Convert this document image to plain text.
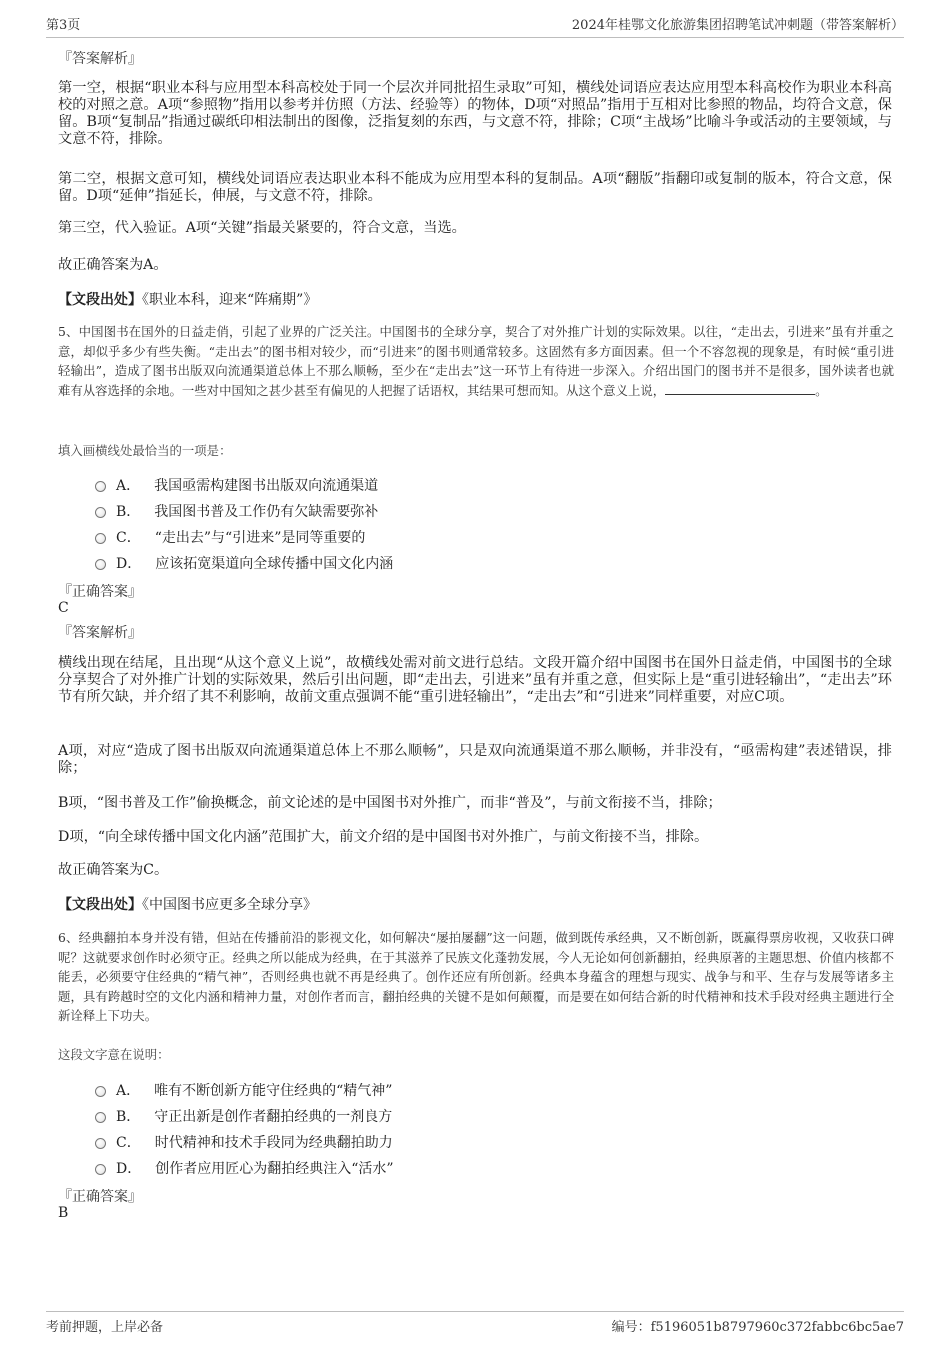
第3页	2024年桂鄂文化旅游集团招聘笔试冲刺题（带答案解析）
『答案解析』

第一空，根据“职业本科与应用型本科高校处于同一个层次并同批招生录取”可知，横线处词语应表达应用型本科高校作为职业本科高校的对照之意。A项“参照物”指用以参考并仿照（方法、经验等）的物体，D项“对照品”指用于互相对比参照的物品，均符合文意，保留。B项“复制品”指通过碳纸印相法制出的图像，泛指复刻的东西，与文意不符，排除；C项“主战场”比喻斗争或活动的主要领域，与文意不符，排除。

第二空，根据文意可知，横线处词语应表达职业本科不能成为应用型本科的复制品。A项“翻版”指翻印或复制的版本，符合文意，保留。D项“延伸”指延长，伸展，与文意不符，排除。

第三空，代入验证。A项“关键”指最关紧要的，符合文意，当选。

故正确答案为A。

【文段出处】《职业本科，迎来“阵痛期”》

5、中国图书在国外的日益走俏，引起了业界的广泛关注。中国图书的全球分享，契合了对外推广计划的实际效果。以往，“走出去，引进来”虽有并重之意，却似乎多少有些失衡。“走出去”的图书相对较少，而“引进来”的图书则通常较多。这固然有多方面因素。但一个不容忽视的现象是，有时候“重引进轻输出”，造成了图书出版双向流通渠道总体上不那么顺畅，至少在“走出去”这一环节上有待进一步深入。介绍出国门的图书并不是很多，国外读者也就难有从容选择的余地。一些对中国知之甚少甚至有偏见的人把握了话语权，其结果可想而知。从这个意义上说，	。

填入画横线处最恰当的一项是：
A． 我国亟需构建图书出版双向流通渠道
B． 我国图书普及工作仍有欠缺需要弥补
C． “走出去”与“引进来”是同等重要的
D． 应该拓宽渠道向全球传播中国文化内涵
『正确答案』
C
『答案解析』

横线出现在结尾，且出现“从这个意义上说”，故横线处需对前文进行总结。文段开篇介绍中国图书在国外日益走俏，中国图书的全球分享契合了对外推广计划的实际效果，然后引出问题，即“走出去，引进来”虽有并重之意，但实际上是“重引进轻输出”，“走出去”环节有所欠缺，并介绍了其不利影响，故前文重点强调不能“重引进轻输出”，“走出去”和“引进来”同样重要，对应C项。

A项，对应“造成了图书出版双向流通渠道总体上不那么顺畅”，只是双向流通渠道不那么顺畅，并非没有，“亟需构建”表述错误，排除；

B项，“图书普及工作”偷换概念，前文论述的是中国图书对外推广，而非“普及”，与前文衔接不当，排除；

D项，“向全球传播中国文化内涵”范围扩大，前文介绍的是中国图书对外推广，与前文衔接不当，排除。

故正确答案为C。

【文段出处】《中国图书应更多全球分享》

6、经典翻拍本身并没有错，但站在传播前沿的影视文化，如何解决“屡拍屡翻”这一问题，做到既传承经典，又不断创新，既赢得票房收视，又收获口碑呢？这就要求创作时必须守正。经典之所以能成为经典，在于其滋养了民族文化蓬勃发展，今人无论如何创新翻拍，经典原著的主题思想、价值内核都不能丢，必须要守住经典的“精气神”，否则经典也就不再是经典了。创作还应有所创新。经典本身蕴含的理想与现实、战争与和平、生存与发展等诸多主题，具有跨越时空的文化内涵和精神力量，对创作者而言，翻拍经典的关键不是如何颠覆，而是要在如何结合新的时代精神和技术手段对经典主题进行全新诠释上下功夫。

这段文字意在说明：
A． 唯有不断创新方能守住经典的“精气神”
B． 守正出新是创作者翻拍经典的一剂良方
C． 时代精神和技术手段同为经典翻拍助力
D． 创作者应用匠心为翻拍经典注入“活水”
『正确答案』
B
考前押题，上岸必备	编号：f5196051b8797960c372fabbc6bc5ae7
